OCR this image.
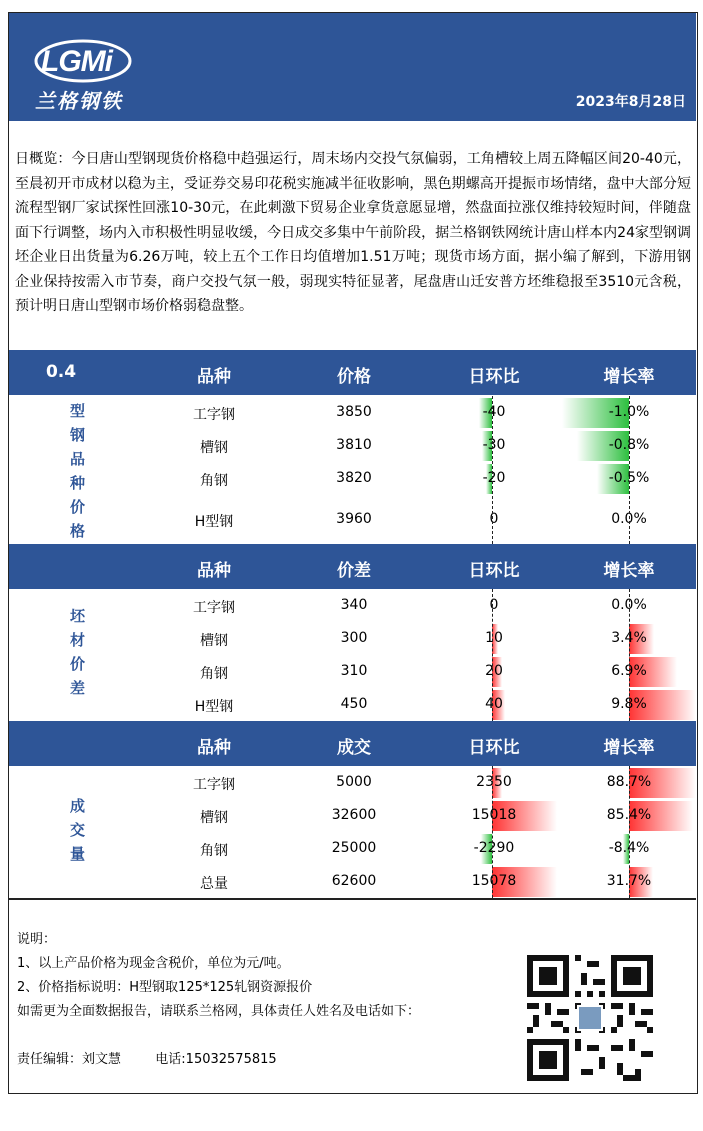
LGMi
兰格钢铁	2023年8月28日
日概览：今日唐山型钢现货价格稳中趋强运行，周末场内交投气氛偏弱，工角槽较上周五降幅区间20-40元，至晨初开市成材以稳为主，受证券交易印花税实施减半征收影响，黑色期螺高开提振市场情绪，盘中大部分短流程型钢厂家试探性回涨10-30元，在此刺激下贸易企业拿货意愿显增，然盘面拉涨仅维持较短时间，伴随盘面下行调整，场内入市积极性明显收缓，今日成交多集中午前阶段，据兰格钢铁网统计唐山样本内24家型钢调坯企业日出货量为6.26万吨，较上五个工作日均值增加1.51万吨；现货市场方面，据小编了解到，下游用钢企业保持按需入市节奏，商户交投气氛一般，弱现实特征显著，尾盘唐山迁安普方坯维稳报至3510元含税，预计明日唐山型钢市场价格弱稳盘整。
0.4	品种	价格	日环比	增长率
型
钢
品
种
价
格
工字钢	3850	-40	-1.0%
槽钢	3810	-30	-0.8%
角钢	3820	-20	-0.5%
H型钢	3960	0	0.0%
品种	价差	日环比	增长率
坯
材
价
差
工字钢	340	0	0.0%
槽钢	300	10	3.4%
角钢	310	20	6.9%
H型钢	450	40	9.8%
品种	成交	日环比	增长率
成
交
量
工字钢	5000	2350	88.7%
槽钢	32600	15018	85.4%
角钢	25000	-2290	-8.4%
总量	62600	15078	31.7%
说明：
1、以上产品价格为现金含税价，单位为元/吨。
2、价格指标说明：H型钢取125*125轧钢资源报价
如需更为全面数据报告，请联系兰格网，具体责任人姓名及电话如下：
责任编辑：刘文慧	电话:15032575815
